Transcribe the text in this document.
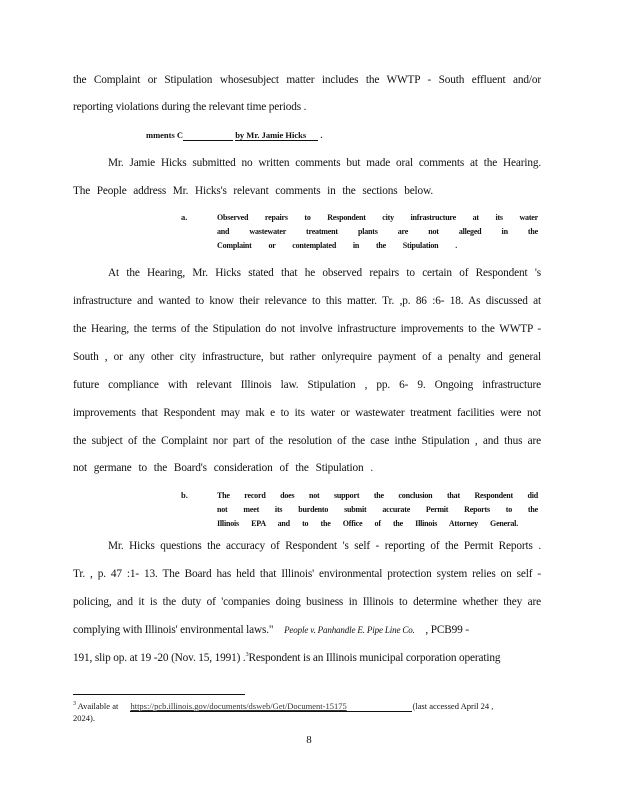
the Complaint or Stipulation whosesubject matter includes the WWTP - South effluent and/or
reporting violations during the relevant time periods .
mments C	by Mr. Jamie Hicks .
Mr. Jamie Hicks submitted no written comments but made oral comments at the Hearing.
The People address Mr. Hicks's relevant comments in the sections below.
a.	Observed repairs to Respondent city infrastructure at its water
and wastewater treatment plants are not alleged in the
Complaint or contemplated in the Stipulation .
At the Hearing, Mr. Hicks stated that he observed repairs to certain of Respondent 's
infrastructure and wanted to know their relevance to this matter. Tr. ,p. 86 :6- 18. As discussed at
the Hearing, the terms of the Stipulation do not involve infrastructure improvements to the WWTP -
South , or any other city infrastructure, but rather onlyrequire payment of a penalty and general
future compliance with relevant Illinois law. Stipulation , pp. 6- 9. Ongoing infrastructure
improvements that Respondent may mak e to its water or wastewater treatment facilities were not
the subject of the Complaint nor part of the resolution of the case inthe Stipulation , and thus are
not germane to the Board's consideration of the Stipulation .
b.	The record does not support the conclusion that Respondent did
not meet its burdento submit accurate Permit Reports to the
Illinois EPA and to the Office of the Illinois Attorney General.
Mr. Hicks questions the accuracy of Respondent 's self - reporting of the Permit Reports .
Tr. , p. 47 :1- 13. The Board has held that Illinois' environmental protection system relies on self -
policing, and it is the duty of 'companies doing business in Illinois to determine whether they are
complying with Illinois' environmental laws." People v. Panhandle E. Pipe Line Co. , PCB99 -
191, slip op. at 19 -20 (Nov. 15, 1991) .$^3$Respondent is an Illinois municipal corporation operating
$^3$ Available at https://pcb.illinois.gov/documents/dsweb/Get/Document-15175	(last accessed April 24 ,
2024).
8
